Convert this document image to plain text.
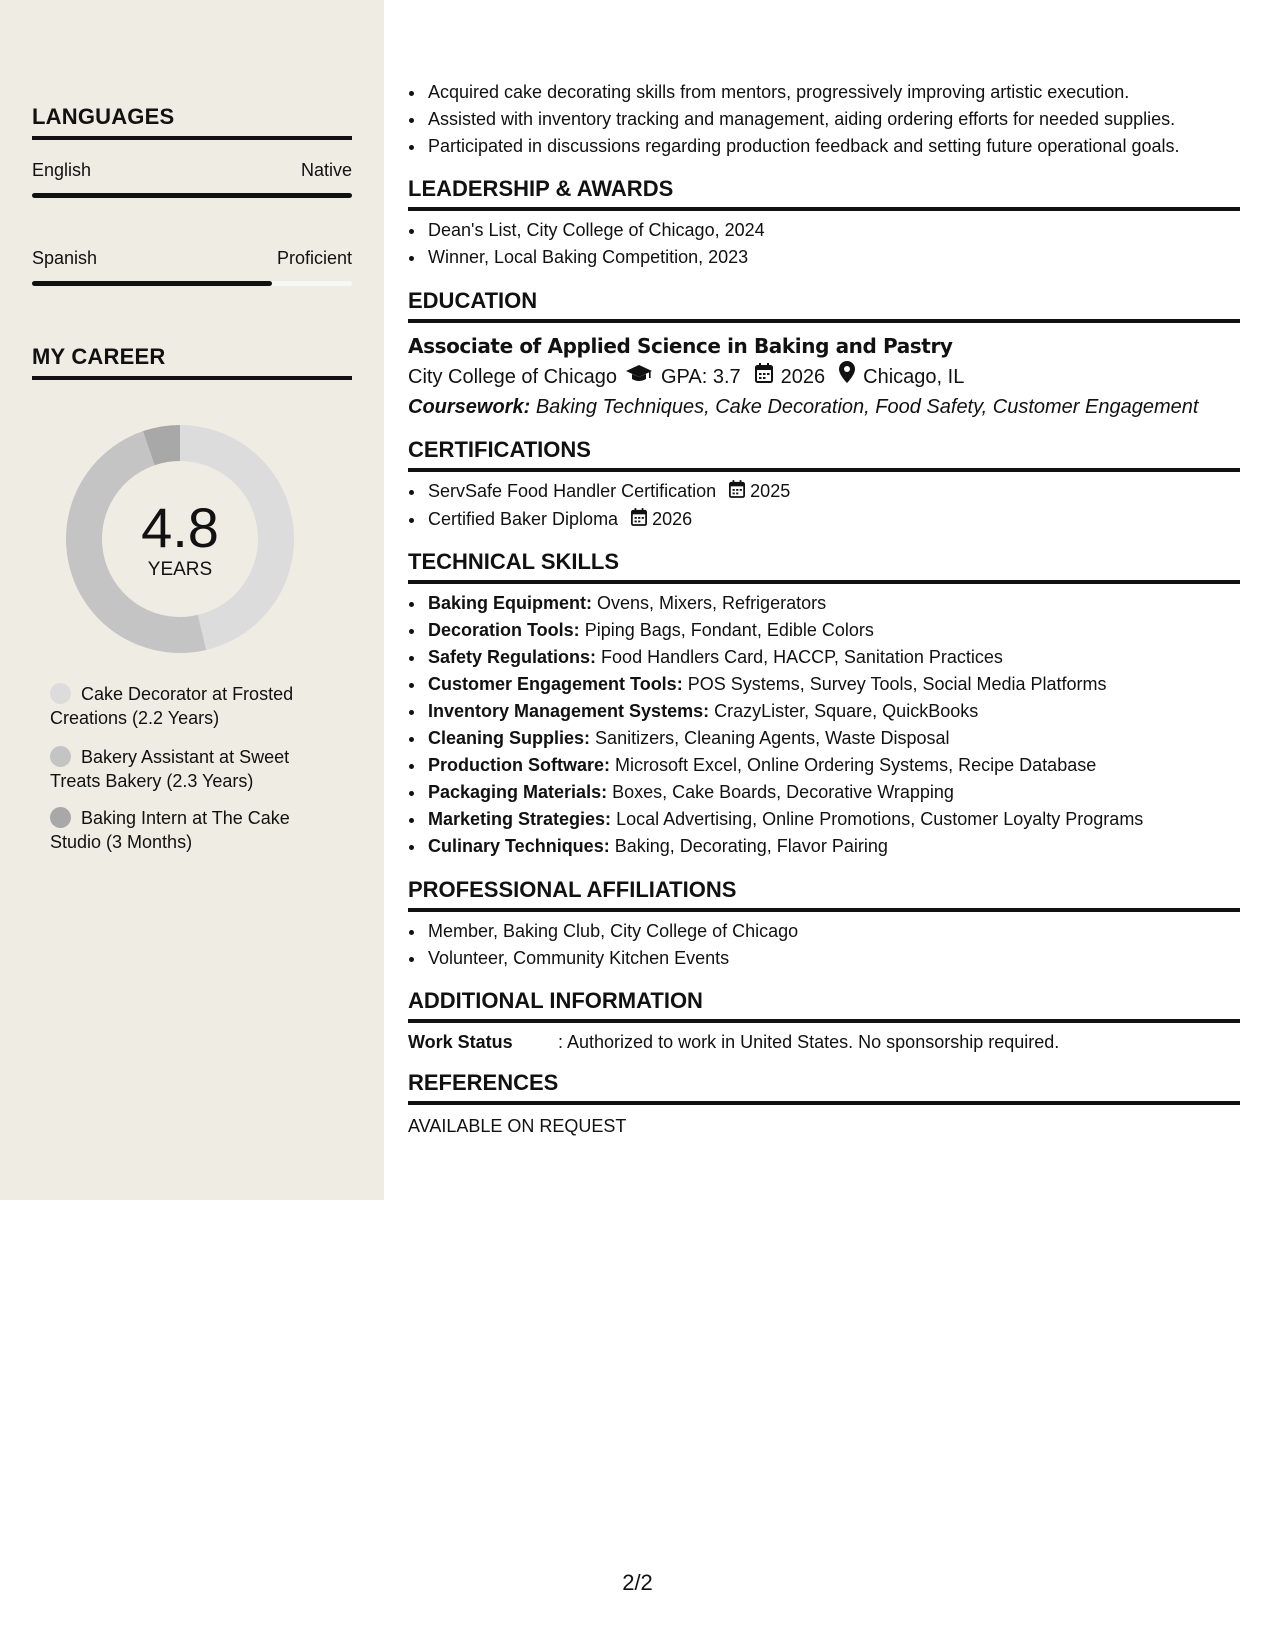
LANGUAGES
English	Native
Spanish	Proficient
MY CAREER
4.8
YEARS
Cake Decorator at Frosted Creations (2.2 Years)
Bakery Assistant at Sweet Treats Bakery (2.3 Years)
Baking Intern at The Cake Studio (3 Months)
• Acquired cake decorating skills from mentors, progressively improving artistic execution.
• Assisted with inventory tracking and management, aiding ordering efforts for needed supplies.
• Participated in discussions regarding production feedback and setting future operational goals.
LEADERSHIP & AWARDS
• Dean's List, City College of Chicago, 2024
• Winner, Local Baking Competition, 2023
EDUCATION
Associate of Applied Science in Baking and Pastry
City College of Chicago GPA: 3.7 2026 Chicago, IL
Coursework: Baking Techniques, Cake Decoration, Food Safety, Customer Engagement
CERTIFICATIONS
• ServSafe Food Handler Certification 2025
• Certified Baker Diploma 2026
TECHNICAL SKILLS
• Baking Equipment: Ovens, Mixers, Refrigerators
• Decoration Tools: Piping Bags, Fondant, Edible Colors
• Safety Regulations: Food Handlers Card, HACCP, Sanitation Practices
• Customer Engagement Tools: POS Systems, Survey Tools, Social Media Platforms
• Inventory Management Systems: CrazyLister, Square, QuickBooks
• Cleaning Supplies: Sanitizers, Cleaning Agents, Waste Disposal
• Production Software: Microsoft Excel, Online Ordering Systems, Recipe Database
• Packaging Materials: Boxes, Cake Boards, Decorative Wrapping
• Marketing Strategies: Local Advertising, Online Promotions, Customer Loyalty Programs
• Culinary Techniques: Baking, Decorating, Flavor Pairing
PROFESSIONAL AFFILIATIONS
• Member, Baking Club, City College of Chicago
• Volunteer, Community Kitchen Events
ADDITIONAL INFORMATION
Work Status	: Authorized to work in United States. No sponsorship required.
REFERENCES
AVAILABLE ON REQUEST
2/2
